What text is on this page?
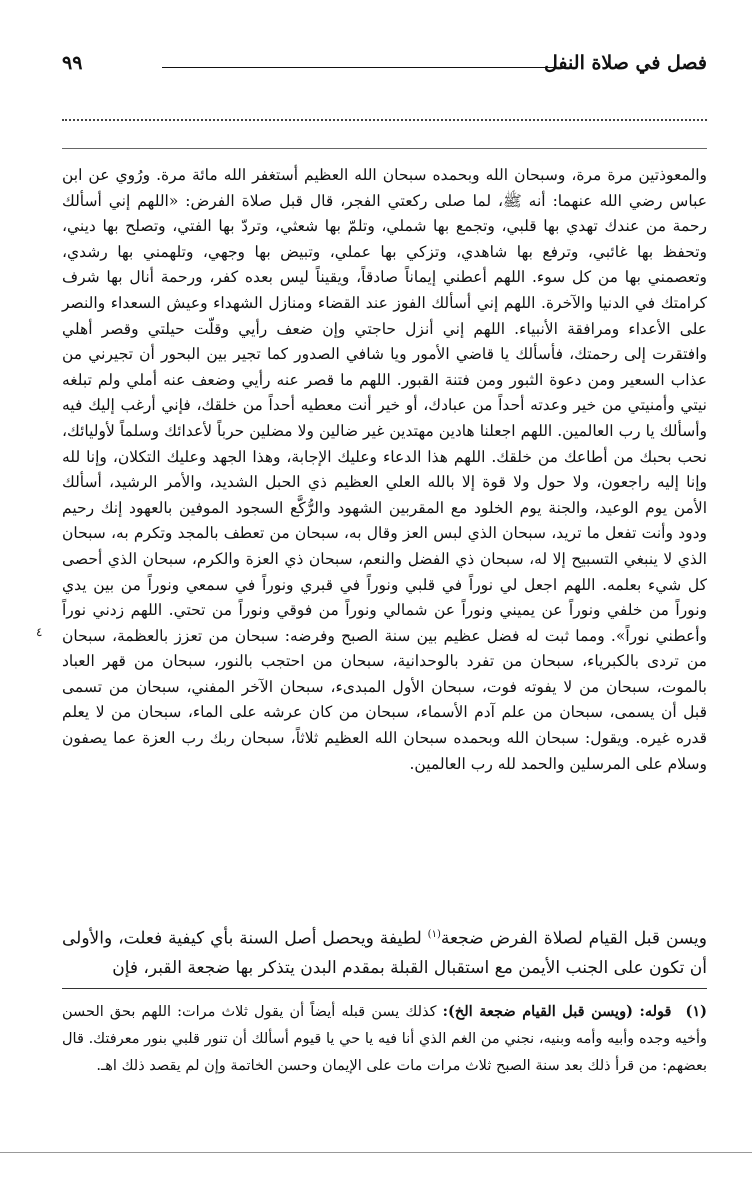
فصل في صلاة النفل
٩٩

والمعوذتين مرة مرة، وسبحان الله وبحمده سبحان الله العظيم أستغفر الله مائة مرة. ورُوي عن ابن عباس رضي الله عنهما: أنه ﷺ، لما صلى ركعتي الفجر، قال قبل صلاة الفرض: «اللهم إني أسألك رحمة من عندك تهدي بها قلبي، وتجمع بها شملي، وتلمّ بها شعثي، وتردّ بها الفتي، وتصلح بها ديني، وتحفظ بها غائبي، وترفع بها شاهدي، وتزكي بها عملي، وتبيض بها وجهي، وتلهمني بها رشدي، وتعصمني بها من كل سوء. اللهم أعطني إيماناً صادقاً، ويقيناً ليس بعده كفر، ورحمة أنال بها شرف كرامتك في الدنيا والآخرة. اللهم إني أسألك الفوز عند القضاء ومنازل الشهداء وعيش السعداء والنصر على الأعداء ومرافقة الأنبياء. اللهم إني أنزل حاجتي وإن ضعف رأيي وقلّت حيلتي وقصر أهلي وافتقرت إلى رحمتك، فأسألك يا قاضي الأمور ويا شافي الصدور كما تجير بين البحور أن تجيرني من عذاب السعير ومن دعوة الثبور ومن فتنة القبور. اللهم ما قصر عنه رأيي وضعف عنه أملي ولم تبلغه نيتي وأمنيتي من خير وعدته أحداً من عبادك، أو خير أنت معطيه أحداً من خلقك، فإني أرغب إليك فيه وأسألك يا رب العالمين. اللهم اجعلنا هادين مهتدين غير ضالين ولا مضلين حرباً لأعدائك وسلماً لأوليائك، نحب بحبك من أطاعك من خلقك. اللهم هذا الدعاء وعليك الإجابة، وهذا الجهد وعليك التكلان، وإنا لله وإنا إليه راجعون، ولا حول ولا قوة إلا بالله العلي العظيم ذي الحبل الشديد، والأمر الرشيد، أسألك الأمن يوم الوعيد، والجنة يوم الخلود مع المقربين الشهود والرُّكَّع السجود الموفين بالعهود إنك رحيم ودود وأنت تفعل ما تريد، سبحان الذي لبس العز وقال به، سبحان من تعطف بالمجد وتكرم به، سبحان الذي لا ينبغي التسبيح إلا له، سبحان ذي الفضل والنعم، سبحان ذي العزة والكرم، سبحان الذي أحصى كل شيء بعلمه. اللهم اجعل لي نوراً في قلبي ونوراً في قبري ونوراً في سمعي ونوراً من بين يدي ونوراً من خلفي ونوراً عن يميني ونوراً عن شمالي ونوراً من فوقي ونوراً من تحتي. اللهم زدني نوراً وأعطني نوراً». ومما ثبت له فضل عظيم بين سنة الصبح وفرضه: سبحان من تعزز بالعظمة، سبحان من تردى بالكبرياء، سبحان من تفرد بالوحدانية، سبحان من احتجب بالنور، سبحان من قهر العباد بالموت، سبحان من لا يفوته فوت، سبحان الأول المبدىء، سبحان الآخر المفني، سبحان من تسمى قبل أن يسمى، سبحان من علم آدم الأسماء، سبحان من كان عرشه على الماء، سبحان من لا يعلم قدره غيره. ويقول: سبحان الله وبحمده سبحان الله العظيم ثلاثاً، سبحان ربك رب العزة عما يصفون وسلام على المرسلين والحمد لله رب العالمين.

٤

ويسن قبل القيام لصلاة الفرض ضجعة$^{(١)}$ لطيفة ويحصل أصل السنة بأي كيفية فعلت، والأولى أن تكون على الجنب الأيمن مع استقبال القبلة بمقدم البدن يتذكر بها ضجعة القبر، فإن

(١)قوله: (ويسن قبل القيام ضجعة الخ): كذلك يسن قبله أيضاً أن يقول ثلاث مرات: اللهم بحق الحسن وأخيه وجده وأبيه وأمه وبنيه، نجني من الغم الذي أنا فيه يا حي يا قيوم أسألك أن تنور قلبي بنور معرفتك. قال بعضهم: من قرأ ذلك بعد سنة الصبح ثلاث مرات مات على الإيمان وحسن الخاتمة وإن لم يقصد ذلك اهـ.
